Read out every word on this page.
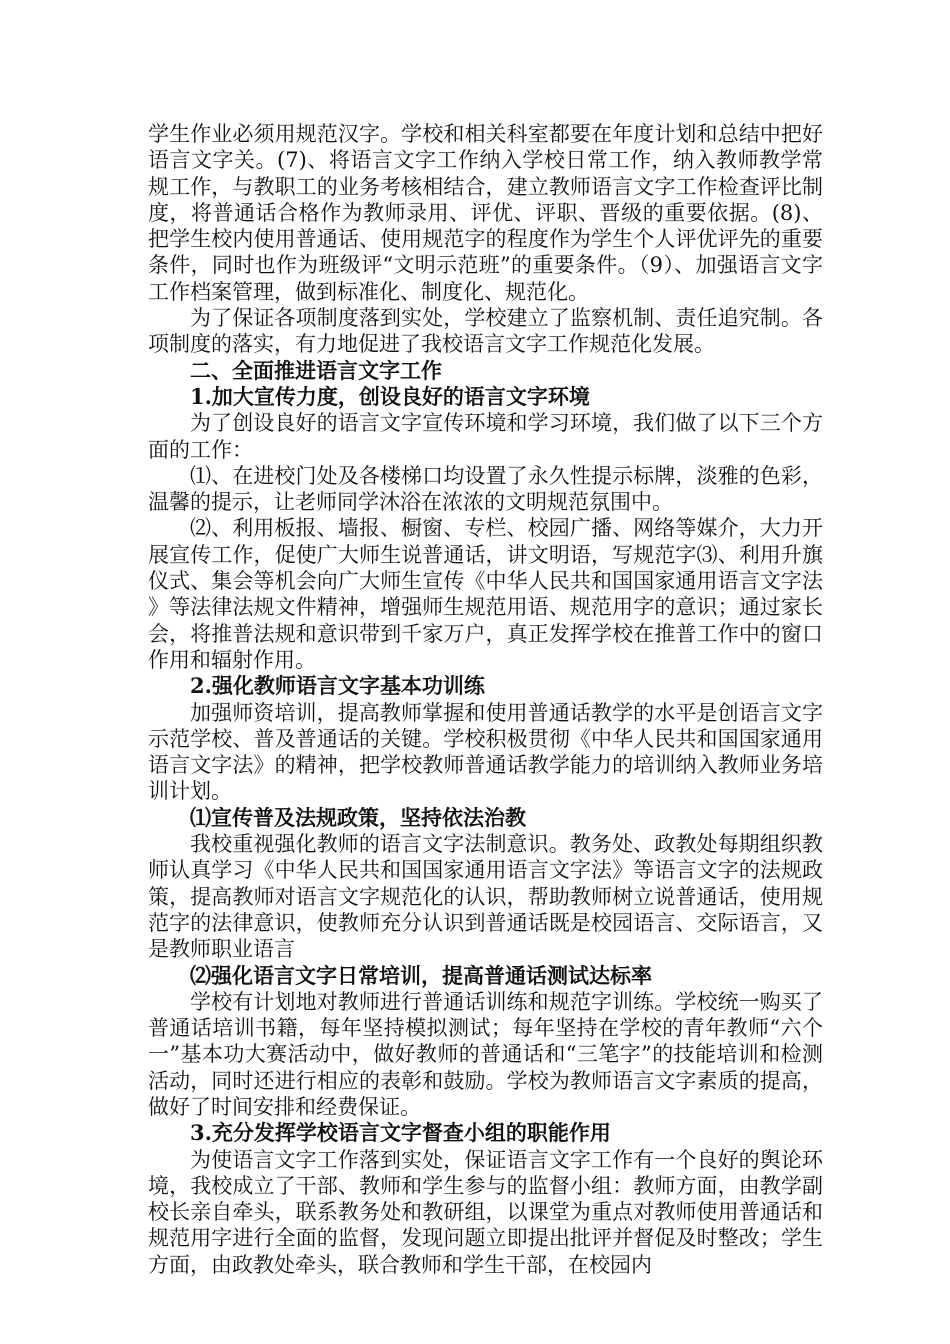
学生作业必须用规范汉字。学校和相关科室都要在年度计划和总结中把好语言文字关。(7)、将语言文字工作纳入学校日常工作，纳入教师教学常规工作，与教职工的业务考核相结合，建立教师语言文字工作检查评比制度，将普通话合格作为教师录用、评优、评职、晋级的重要依据。(8)、把学生校内使用普通话、使用规范字的程度作为学生个人评优评先的重要条件，同时也作为班级评“文明示范班”的重要条件。（9）、加强语言文字工作档案管理，做到标准化、制度化、规范化。

为了保证各项制度落到实处，学校建立了监察机制、责任追究制。各项制度的落实，有力地促进了我校语言文字工作规范化发展。

二、全面推进语言文字工作

1.加大宣传力度，创设良好的语言文字环境

为了创设良好的语言文字宣传环境和学习环境，我们做了以下三个方面的工作：

⑴、在进校门处及各楼梯口均设置了永久性提示标牌，淡雅的色彩，温馨的提示，让老师同学沐浴在浓浓的文明规范氛围中。

⑵、利用板报、墙报、橱窗、专栏、校园广播、网络等媒介，大力开展宣传工作，促使广大师生说普通话，讲文明语，写规范字⑶、利用升旗仪式、集会等机会向广大师生宣传《中华人民共和国国家通用语言文字法》等法律法规文件精神，增强师生规范用语、规范用字的意识；通过家长会，将推普法规和意识带到千家万户，真正发挥学校在推普工作中的窗口作用和辐射作用。

2.强化教师语言文字基本功训练

加强师资培训，提高教师掌握和使用普通话教学的水平是创语言文字示范学校、普及普通话的关键。学校积极贯彻《中华人民共和国国家通用语言文字法》的精神，把学校教师普通话教学能力的培训纳入教师业务培训计划。

⑴宣传普及法规政策，坚持依法治教

我校重视强化教师的语言文字法制意识。教务处、政教处每期组织教师认真学习《中华人民共和国国家通用语言文字法》等语言文字的法规政策，提高教师对语言文字规范化的认识，帮助教师树立说普通话，使用规范字的法律意识，使教师充分认识到普通话既是校园语言、交际语言，又是教师职业语言

⑵强化语言文字日常培训，提高普通话测试达标率

学校有计划地对教师进行普通话训练和规范字训练。学校统一购买了普通话培训书籍，每年坚持模拟测试；每年坚持在学校的青年教师“六个一”基本功大赛活动中，做好教师的普通话和“三笔字”的技能培训和检测活动，同时还进行相应的表彰和鼓励。学校为教师语言文字素质的提高，做好了时间安排和经费保证。

3.充分发挥学校语言文字督查小组的职能作用

为使语言文字工作落到实处，保证语言文字工作有一个良好的舆论环境，我校成立了干部、教师和学生参与的监督小组：教师方面，由教学副校长亲自牵头，联系教务处和教研组，以课堂为重点对教师使用普通话和规范用字进行全面的监督，发现问题立即提出批评并督促及时整改；学生方面，由政教处牵头，联合教师和学生干部，在校园内
